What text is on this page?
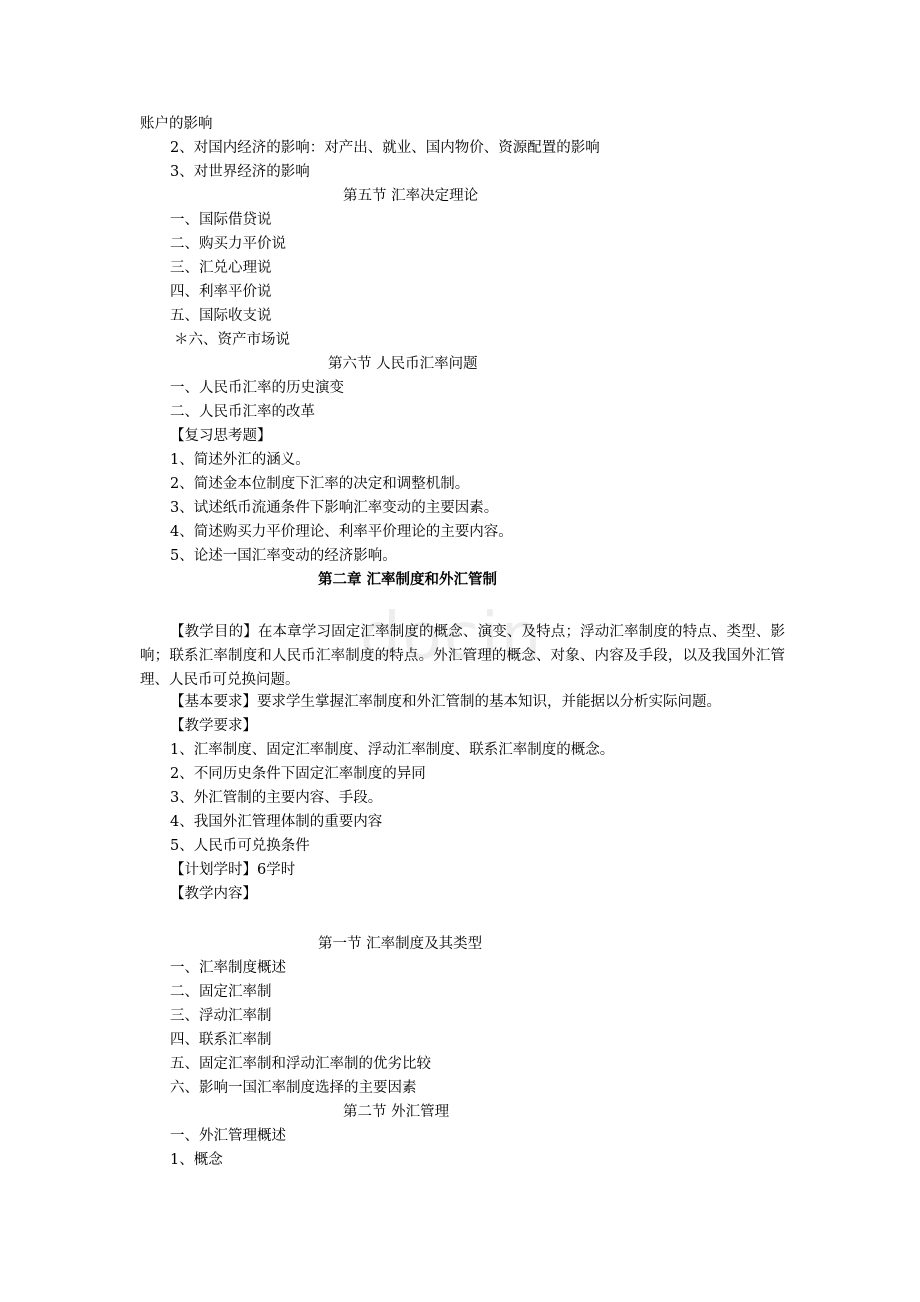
docin
账户的影响
2、对国内经济的影响：对产出、就业、国内物价、资源配置的影响
3、对世界经济的影响
第五节 汇率决定理论
一、国际借贷说
二、购买力平价说
三、汇兑心理说
四、利率平价说
五、国际收支说
＊六、资产市场说
第六节 人民币汇率问题
一、人民币汇率的历史演变
二、人民币汇率的改革
【复习思考题】
1、简述外汇的涵义。
2、简述金本位制度下汇率的决定和调整机制。
3、试述纸币流通条件下影响汇率变动的主要因素。
4、简述购买力平价理论、利率平价理论的主要内容。
5、论述一国汇率变动的经济影响。
第二章 汇率制度和外汇管制
【教学目的】在本章学习固定汇率制度的概念、演变、及特点；浮动汇率制度的特点、类型、影响；联系汇率制度和人民币汇率制度的特点。外汇管理的概念、对象、内容及手段，以及我国外汇管理、人民币可兑换问题。
【基本要求】要求学生掌握汇率制度和外汇管制的基本知识，并能据以分析实际问题。
【教学要求】
1、汇率制度、固定汇率制度、浮动汇率制度、联系汇率制度的概念。
2、不同历史条件下固定汇率制度的异同
3、外汇管制的主要内容、手段。
4、我国外汇管理体制的重要内容
5、人民币可兑换条件
【计划学时】6学时
【教学内容】
第一节 汇率制度及其类型
一、汇率制度概述
二、固定汇率制
三、浮动汇率制
四、联系汇率制
五、固定汇率制和浮动汇率制的优劣比较
六、影响一国汇率制度选择的主要因素
第二节 外汇管理
一、外汇管理概述
1、概念
